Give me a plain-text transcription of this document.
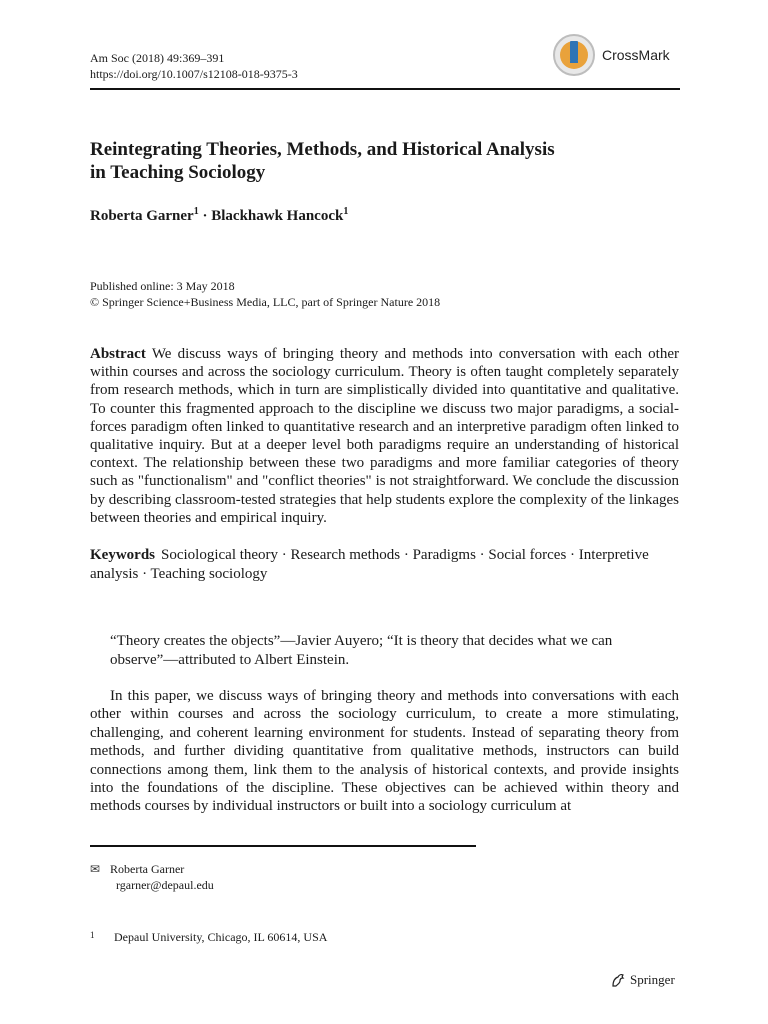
Am Soc (2018) 49:369–391
https://doi.org/10.1007/s12108-018-9375-3
CrossMark
Reintegrating Theories, Methods, and Historical Analysis
in Teaching Sociology
Roberta Garner$^1$ · Blackhawk Hancock$^1$
Published online: 3 May 2018
© Springer Science+Business Media, LLC, part of Springer Nature 2018
Abstract We discuss ways of bringing theory and methods into conversation with each other within courses and across the sociology curriculum. Theory is often taught completely separately from research methods, which in turn are simplistically divided into quantitative and qualitative. To counter this fragmented approach to the discipline we discuss two major paradigms, a social-forces paradigm often linked to quantitative research and an interpretive paradigm often linked to qualitative inquiry. But at a deeper level both paradigms require an understanding of historical context. The relationship between these two paradigms and more familiar categories of theory such as "functionalism" and "conflict theories" is not straightforward. We conclude the discussion by describing classroom-tested strategies that help students explore the complexity of the linkages between theories and empirical inquiry.
Keywords Sociological theory · Research methods · Paradigms · Social forces · Interpretive analysis · Teaching sociology
“Theory creates the objects”—Javier Auyero; “It is theory that decides what we can observe”—attributed to Albert Einstein.
In this paper, we discuss ways of bringing theory and methods into conversations with each other within courses and across the sociology curriculum, to create a more stimulating, challenging, and coherent learning environment for students. Instead of separating theory from methods, and further dividing quantitative from qualitative methods, instructors can build connections among them, link them to the analysis of historical contexts, and provide insights into the foundations of the discipline. These objectives can be achieved within theory and methods courses by individual instructors or built into a sociology curriculum at
✉ Roberta Garner
rgarner@depaul.edu
1 Depaul University, Chicago, IL 60614, USA
Springer
